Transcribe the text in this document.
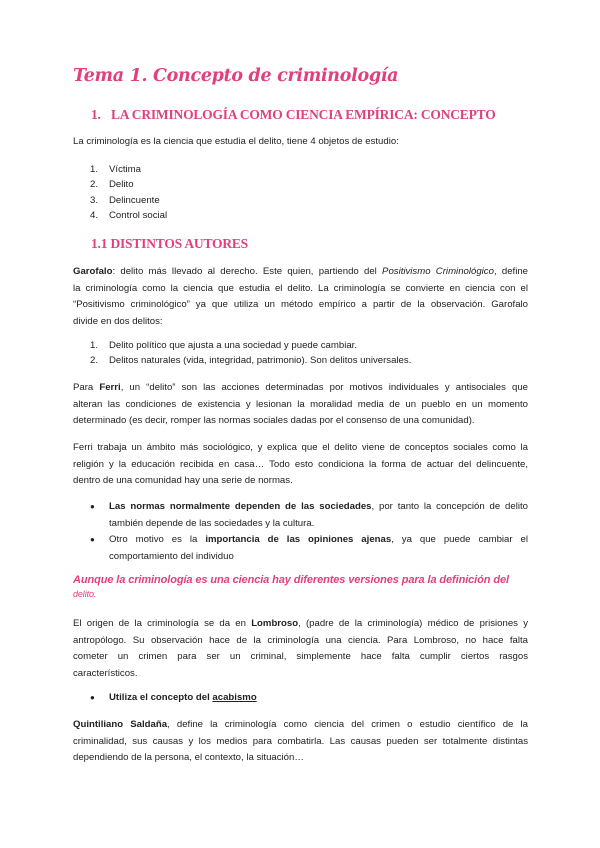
Tema 1. Concepto de criminología
1. LA CRIMINOLOGÍA COMO CIENCIA EMPÍRICA: CONCEPTO

La criminología es la ciencia que estudia el delito, tiene 4 objetos de estudio:

1. Víctima
2. Delito
3. Delincuente
4. Control social
1.1 DISTINTOS AUTORES

Garofalo: delito más llevado al derecho. Este quien, partiendo del Positivismo Criminológico, define
la criminología como la ciencia que estudia el delito. La criminología se convierte en ciencia con el
“Positivismo criminológico” ya que utiliza un método empírico a partir de la observación. Garofalo
divide en dos delitos:

1. Delito político que ajusta a una sociedad y puede cambiar.
2. Delitos naturales (vida, integridad, patrimonio). Son delitos universales.

Para Ferri, un “delito” son las acciones determinadas por motivos individuales y antisociales que
alteran las condiciones de existencia y lesionan la moralidad media de un pueblo en un momento
determinado (es decir, romper las normas sociales dadas por el consenso de una comunidad).

Ferri trabaja un ámbito más sociológico, y explica que el delito viene de conceptos sociales como la
religión y la educación recibida en casa… Todo esto condiciona la forma de actuar del delincuente,
dentro de una comunidad hay una serie de normas.

● Las normas normalmente dependen de las sociedades, por tanto la concepción de delito
también depende de las sociedades y la cultura.
● Otro motivo es la importancia de las opiniones ajenas, ya que puede cambiar el
comportamiento del individuo

Aunque la criminología es una ciencia hay diferentes versiones para la definición del
delito.

El origen de la criminología se da en Lombroso, (padre de la criminología) médico de prisiones y
antropólogo. Su observación hace de la criminología una ciencia. Para Lombroso, no hace falta
cometer un crimen para ser un criminal, simplemente hace falta cumplir ciertos rasgos
característicos.

● Utiliza el concepto del acabismo

Quintiliano Saldaña, define la criminología como ciencia del crimen o estudio científico de la
criminalidad, sus causas y los medios para combatirla. Las causas pueden ser totalmente distintas
dependiendo de la persona, el contexto, la situación…
